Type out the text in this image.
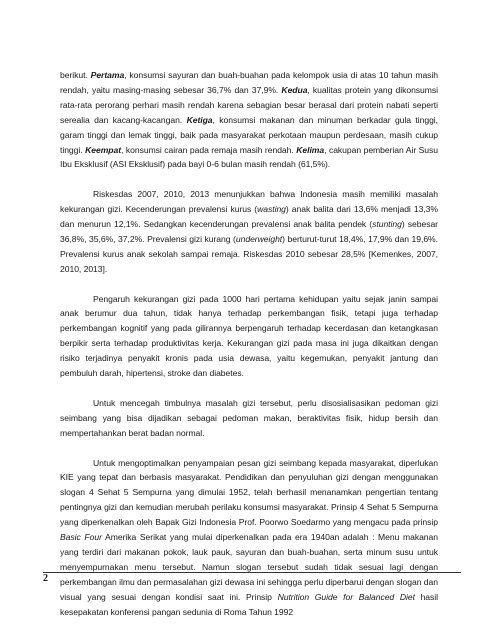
berikut. Pertama, konsumsi sayuran dan buah-buahan pada kelompok usia di atas 10 tahun masih rendah, yaitu masing-masing sebesar 36,7% dan 37,9%. Kedua, kualitas protein yang dikonsumsi rata-rata perorang perhari masih rendah karena sebagian besar berasal dari protein nabati seperti serealia dan kacang-kacangan. Ketiga, konsumsi makanan dan minuman berkadar gula tinggi, garam tinggi dan lemak tinggi, baik pada masyarakat perkotaan maupun perdesaan, masih cukup tinggi. Keempat, konsumsi cairan pada remaja masih rendah. Kelima, cakupan pemberian Air Susu Ibu Eksklusif (ASI Eksklusif) pada bayi 0-6 bulan masih rendah (61,5%).

Riskesdas 2007, 2010, 2013 menunjukkan bahwa Indonesia masih memiliki masalah kekurangan gizi. Kecenderungan prevalensi kurus (wasting) anak balita dari 13,6% menjadi 13,3% dan menurun 12,1%. Sedangkan kecenderungan prevalensi anak balita pendek (stunting) sebesar 36,8%, 35,6%, 37,2%. Prevalensi gizi kurang (underweight) berturut-turut 18,4%, 17,9% dan 19,6%. Prevalensi kurus anak sekolah sampai remaja. Riskesdas 2010 sebesar 28,5% [Kemenkes, 2007, 2010, 2013].

Pengaruh kekurangan gizi pada 1000 hari pertama kehidupan yaitu sejak janin sampai anak berumur dua tahun, tidak hanya terhadap perkembangan fisik, tetapi juga terhadap perkembangan kognitif yang pada gilirannya berpengaruh terhadap kecerdasan dan ketangkasan berpikir serta terhadap produktivitas kerja. Kekurangan gizi pada masa ini juga dikaitkan dengan risiko terjadinya penyakit kronis pada usia dewasa, yaitu kegemukan, penyakit jantung dan pembuluh darah, hipertensi, stroke dan diabetes.

Untuk mencegah timbulnya masalah gizi tersebut, perlu disosialisasikan pedoman gizi seimbang yang bisa dijadikan sebagai pedoman makan, beraktivitas fisik, hidup bersih dan mempertahankan berat badan normal.

Untuk mengoptimalkan penyampaian pesan gizi seimbang kepada masyarakat, diperlukan KIE yang tepat dan berbasis masyarakat. Pendidikan dan penyuluhan gizi dengan menggunakan slogan 4 Sehat 5 Sempurna yang dimulai 1952, telah berhasil menanamkan pengertian tentang pentingnya gizi dan kemudian merubah perilaku konsumsi masyarakat. Prinsip 4 Sehat 5 Sempurna yang diperkenalkan oleh Bapak Gizi Indonesia Prof. Poorwo Soedarmo yang mengacu pada prinsip Basic Four Amerika Serikat yang mulai diperkenalkan pada era 1940an adalah : Menu makanan yang terdiri dari makanan pokok, lauk pauk, sayuran dan buah-buahan, serta minum susu untuk menyempurnakan menu tersebut. Namun slogan tersebut sudah tidak sesuai lagi dengan perkembangan ilmu dan permasalahan gizi dewasa ini sehingga perlu diperbarui dengan slogan dan visual yang sesuai dengan kondisi saat ini. Prinsip Nutrition Guide for Balanced Diet hasil kesepakatan konferensi pangan sedunia di Roma Tahun 1992

2
